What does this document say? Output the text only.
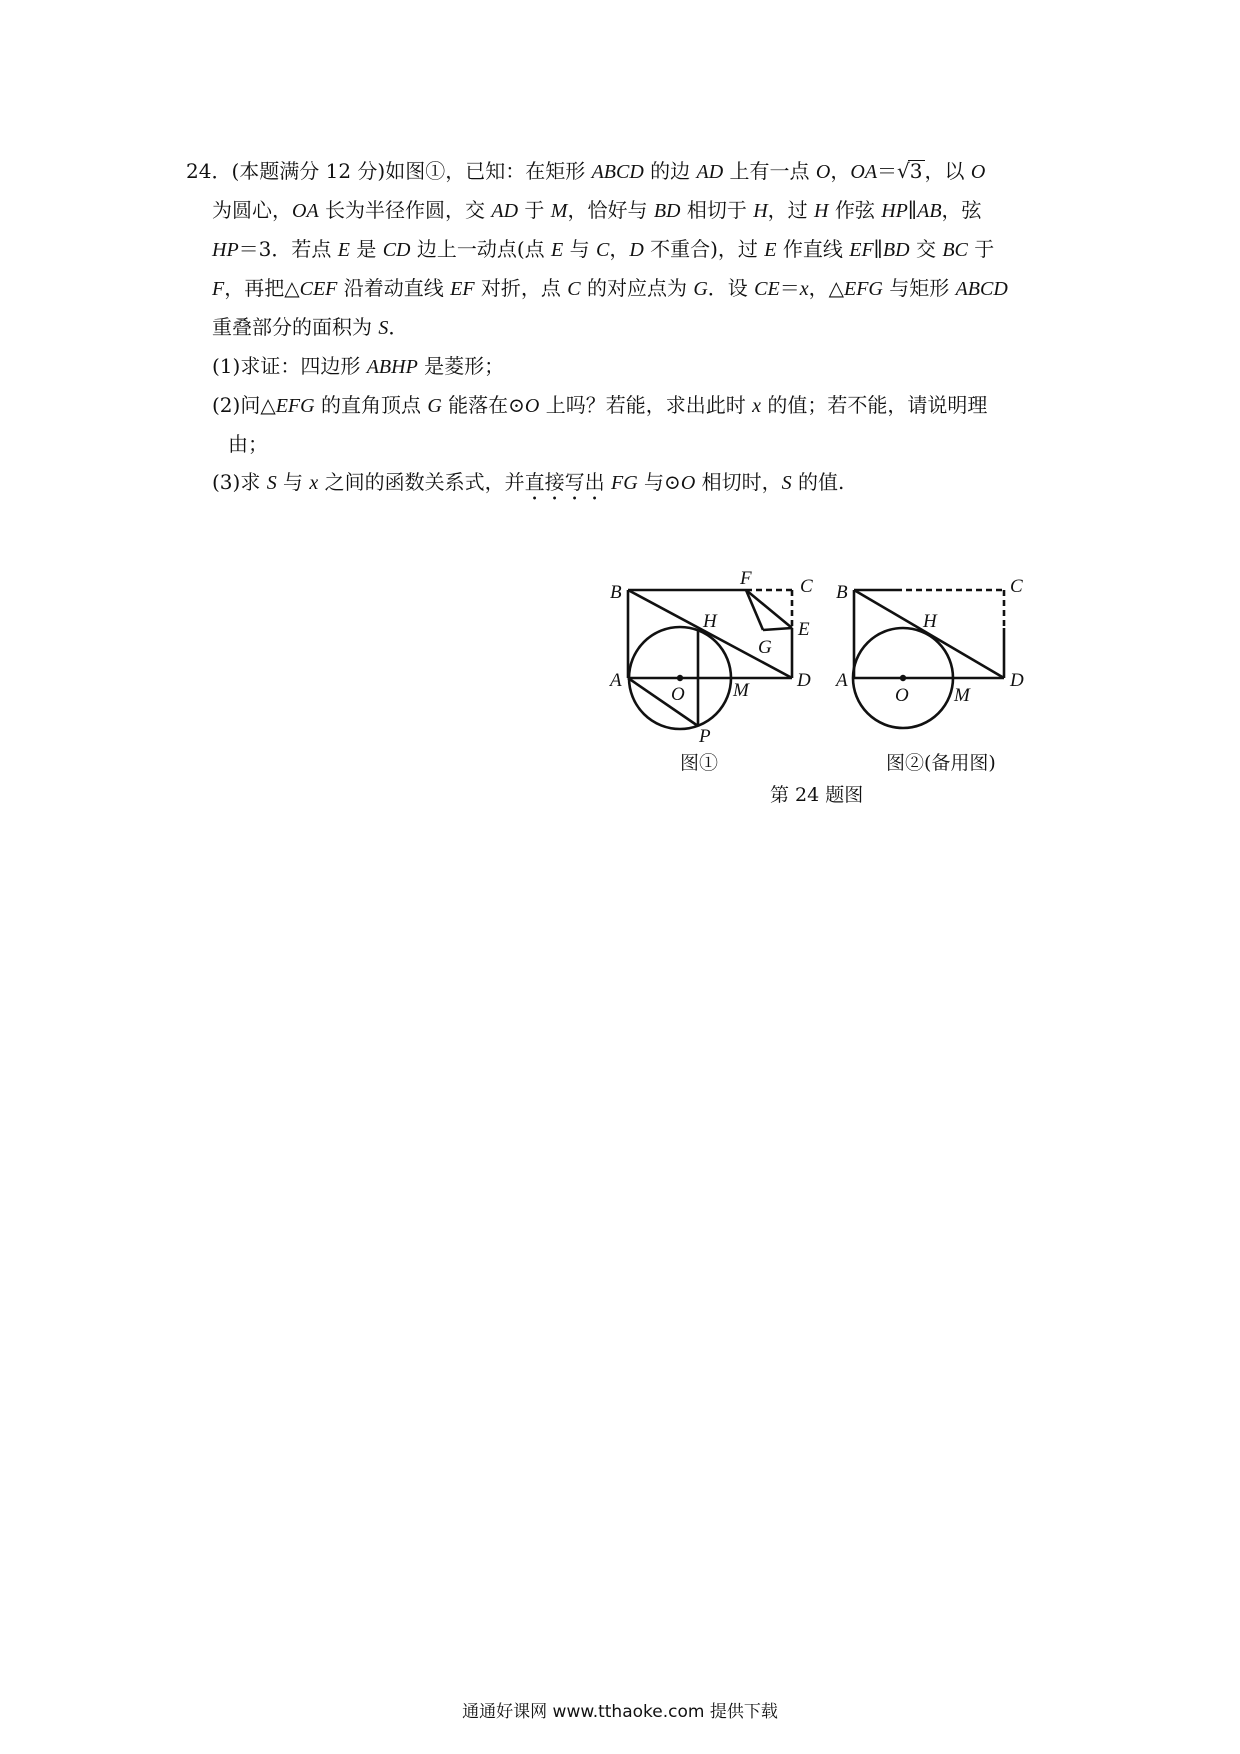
24．(本题满分 12 分)如图①，已知：在矩形 ABCD 的边 AD 上有一点 O，OA＝√3 ，以 O

为圆心，OA 长为半径作圆，交 AD 于 M，恰好与 BD 相切于 H，过 H 作弦 HP∥AB，弦

HP＝3．若点 E 是 CD 边上一动点(点 E 与 C，D 不重合)，过 E 作直线 EF∥BD 交 BC 于

F，再把△CEF 沿着动直线 EF 对折，点 C 的对应点为 G．设 CE＝x，△EFG 与矩形 ABCD

重叠部分的面积为 S．

(1)求证：四边形 ABHP 是菱形；

(2)问△EFG 的直角顶点 G 能落在⊙O 上吗？若能，求出此时 x 的值；若不能，请说明理

由；

(3)求 S 与 x 之间的函数关系式，并直接写出 FG 与⊙O 相切时，S 的值.

B
F	C
H	E
G
A
O	M	D
P
B	C
H
A
O M
D
图①	图②(备用图)
第 24 题图
通通好课网 www.tthaoke.com 提供下载
